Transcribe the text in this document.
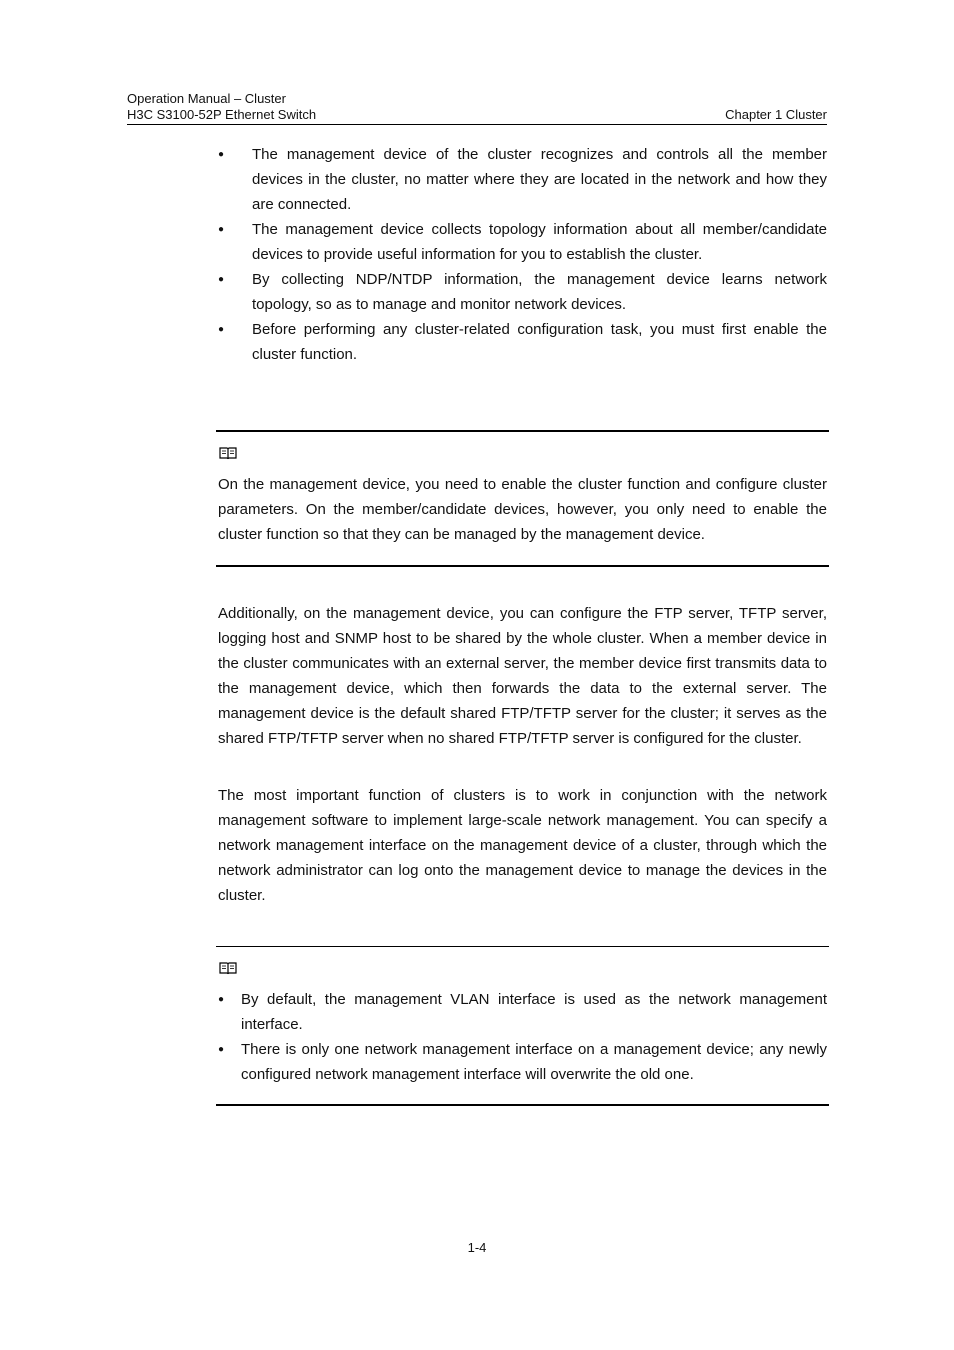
Operation Manual – Cluster
H3C S3100-52P Ethernet Switch	Chapter 1 Cluster
●	The management device of the cluster recognizes and controls all the member devices in the cluster, no matter where they are located in the network and how they are connected.
●	The management device collects topology information about all member/candidate devices to provide useful information for you to establish the cluster.
●	By collecting NDP/NTDP information, the management device learns network topology, so as to manage and monitor network devices.
●	Before performing any cluster-related configuration task, you must first enable the cluster function.

On the management device, you need to enable the cluster function and configure cluster parameters. On the member/candidate devices, however, you only need to enable the cluster function so that they can be managed by the management device.

Additionally, on the management device, you can configure the FTP server, TFTP server, logging host and SNMP host to be shared by the whole cluster. When a member device in the cluster communicates with an external server, the member device first transmits data to the management device, which then forwards the data to the external server. The management device is the default shared FTP/TFTP server for the cluster; it serves as the shared FTP/TFTP server when no shared FTP/TFTP server is configured for the cluster.

The most important function of clusters is to work in conjunction with the network management software to implement large-scale network management. You can specify a network management interface on the management device of a cluster, through which the network administrator can log onto the management device to manage the devices in the cluster.

●	By default, the management VLAN interface is used as the network management interface.
●	There is only one network management interface on a management device; any newly configured network management interface will overwrite the old one.
1-4
